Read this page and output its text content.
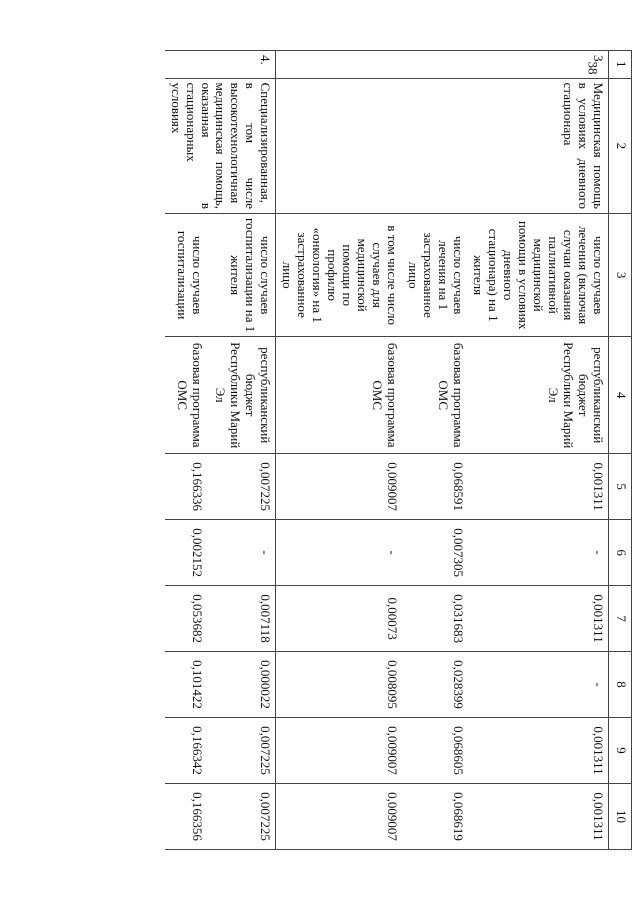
38 1	2	3	4	5	6	7	8	9	10
3.	Медицинская помощь в условиях дневного стационара	число случаев лечения (включая случаи оказания паллиативной медицинской помощи в условиях дневного стационара) на 1 жителя	республиканский бюджет Республики Марий Эл	0,001311	-	0,001311	-	0,001311	0,001311
		число случаев лечения на 1 застрахованное лицо	базовая программа ОМС	0,068591	0,007305	0,031683	0,028399	0,068605	0,068619
		в том числе число случаев для медицинской помощи по профилю «онкология» на 1 застрахованное лицо	базовая программа ОМС	0,009007	-	0,00073	0,008095	0,009007	0,009007
4.	Специализированная, в том числе высокотехнологичная медицинская помощь, оказанная в стационарных условиях	число случаев госпитализации на 1 жителя	республиканский бюджет Республики Марий Эл	0,007225	-	0,007118	0,000022	0,007225	0,007225
		число случаев госпитализации	базовая программа ОМС	0,166336	0,002152	0,053682	0,101422	0,166342	0,166356
